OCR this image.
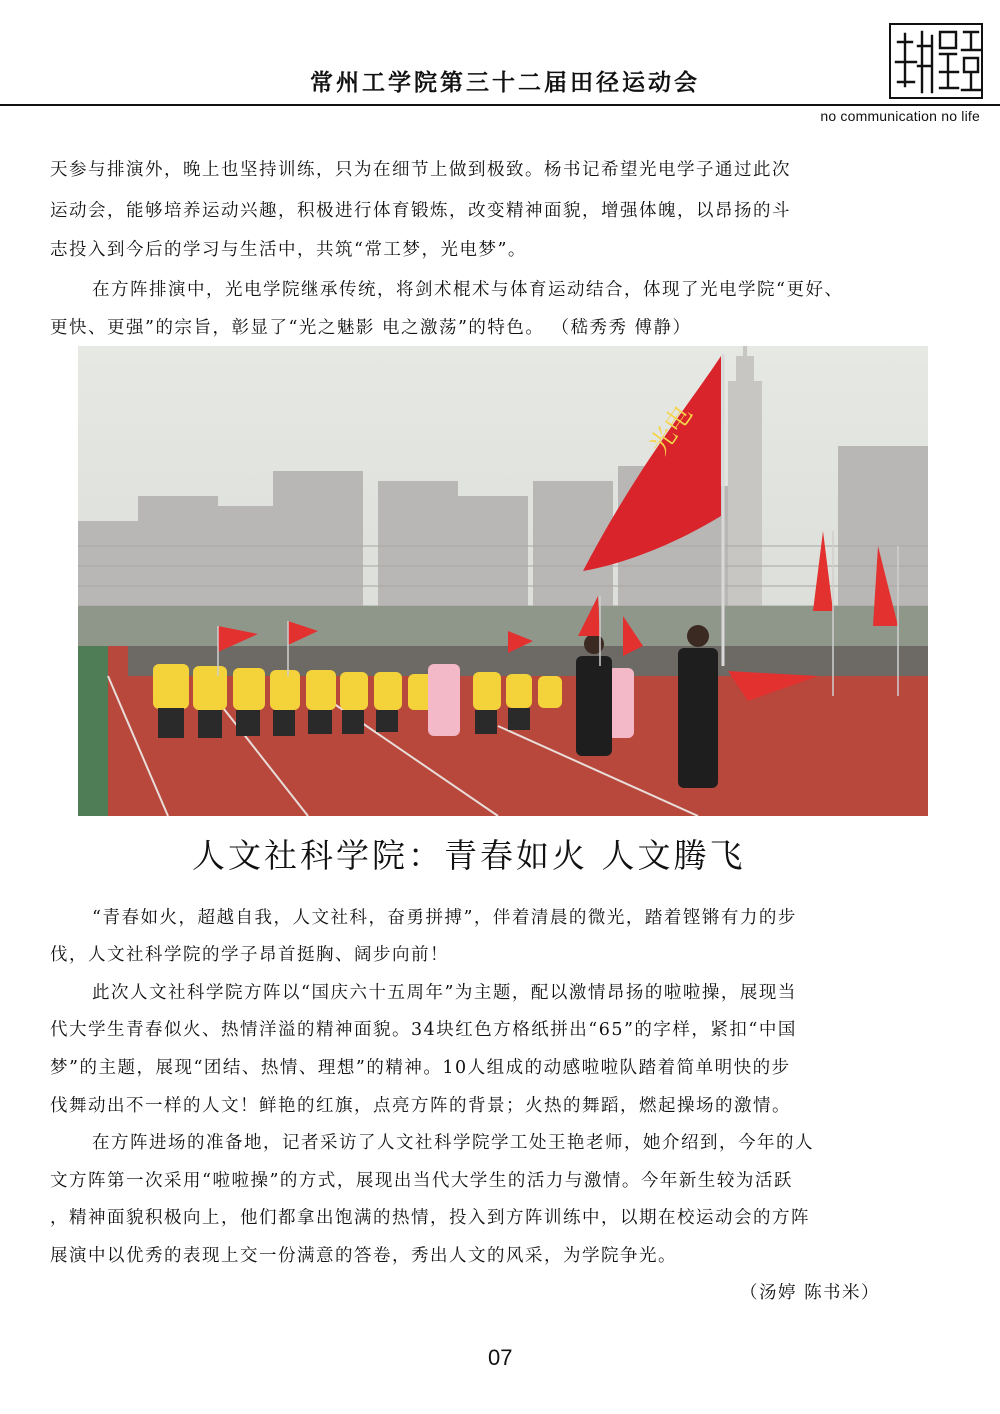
常州工学院第三十二届田径运动会
no communication no life
天参与排演外，晚上也坚持训练，只为在细节上做到极致。杨书记希望光电学子通过此次
运动会，能够培养运动兴趣，积极进行体育锻炼，改变精神面貌，增强体魄，以昂扬的斗
志投入到今后的学习与生活中，共筑“常工梦，光电梦”。
在方阵排演中，光电学院继承传统，将剑术棍术与体育运动结合，体现了光电学院“更好、
更快、更强”的宗旨，彰显了“光之魅影 电之激荡”的特色。 （嵇秀秀 傅静）
光电
人文社科学院：青春如火 人文腾飞
“青春如火，超越自我，人文社科，奋勇拼搏”，伴着清晨的微光，踏着铿锵有力的步
伐，人文社科学院的学子昂首挺胸、阔步向前！
此次人文社科学院方阵以“国庆六十五周年”为主题，配以激情昂扬的啦啦操，展现当
代大学生青春似火、热情洋溢的精神面貌。34块红色方格纸拼出“65”的字样，紧扣“中国
梦”的主题，展现“团结、热情、理想”的精神。10人组成的动感啦啦队踏着简单明快的步
伐舞动出不一样的人文！鲜艳的红旗，点亮方阵的背景；火热的舞蹈，燃起操场的激情。
在方阵进场的准备地，记者采访了人文社科学院学工处王艳老师，她介绍到，今年的人
文方阵第一次采用“啦啦操”的方式，展现出当代大学生的活力与激情。今年新生较为活跃
，精神面貌积极向上，他们都拿出饱满的热情，投入到方阵训练中，以期在校运动会的方阵
展演中以优秀的表现上交一份满意的答卷，秀出人文的风采，为学院争光。
（汤婷 陈书米）
07
